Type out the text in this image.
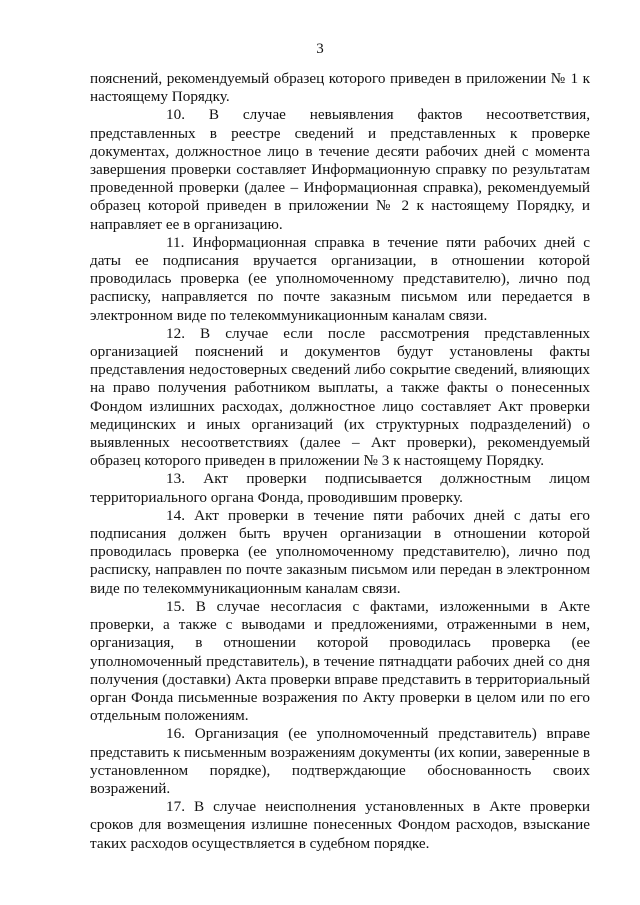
3

пояснений, рекомендуемый образец которого приведен в приложении № 1 к настоящему Порядку.

10. В случае невыявления фактов несоответствия, представленных в реестре сведений и представленных к проверке документах, должностное лицо в течение десяти рабочих дней с момента завершения проверки составляет Информационную справку по результатам проведенной проверки (далее – Информационная справка), рекомендуемый образец которой приведен в приложении № 2 к настоящему Порядку, и направляет ее в организацию.

11. Информационная справка в течение пяти рабочих дней с даты ее подписания вручается организации, в отношении которой проводилась проверка (ее уполномоченному представителю), лично под расписку, направляется по почте заказным письмом или передается в электронном виде по телекоммуникационным каналам связи.

12. В случае если после рассмотрения представленных организацией пояснений и документов будут установлены факты представления недостоверных сведений либо сокрытие сведений, влияющих на право получения работником выплаты, а также факты о понесенных Фондом излишних расходах, должностное лицо составляет Акт проверки медицинских и иных организаций (их структурных подразделений) о выявленных несоответствиях (далее – Акт проверки), рекомендуемый образец которого приведен в приложении № 3 к настоящему Порядку.

13. Акт проверки подписывается должностным лицом территориального органа Фонда, проводившим проверку.

14. Акт проверки в течение пяти рабочих дней с даты его подписания должен быть вручен организации в отношении которой проводилась проверка (ее уполномоченному представителю), лично под расписку, направлен по почте заказным письмом или передан в электронном виде по телекоммуникационным каналам связи.

15. В случае несогласия с фактами, изложенными в Акте проверки, а также с выводами и предложениями, отраженными в нем, организация, в отношении которой проводилась проверка (ее уполномоченный представитель), в течение пятнадцати рабочих дней со дня получения (доставки) Акта проверки вправе представить в территориальный орган Фонда письменные возражения по Акту проверки в целом или по его отдельным положениям.

16. Организация (ее уполномоченный представитель) вправе представить к письменным возражениям документы (их копии, заверенные в установленном порядке), подтверждающие обоснованность своих возражений.

17. В случае неисполнения установленных в Акте проверки сроков для возмещения излишне понесенных Фондом расходов, взыскание таких расходов осуществляется в судебном порядке.
